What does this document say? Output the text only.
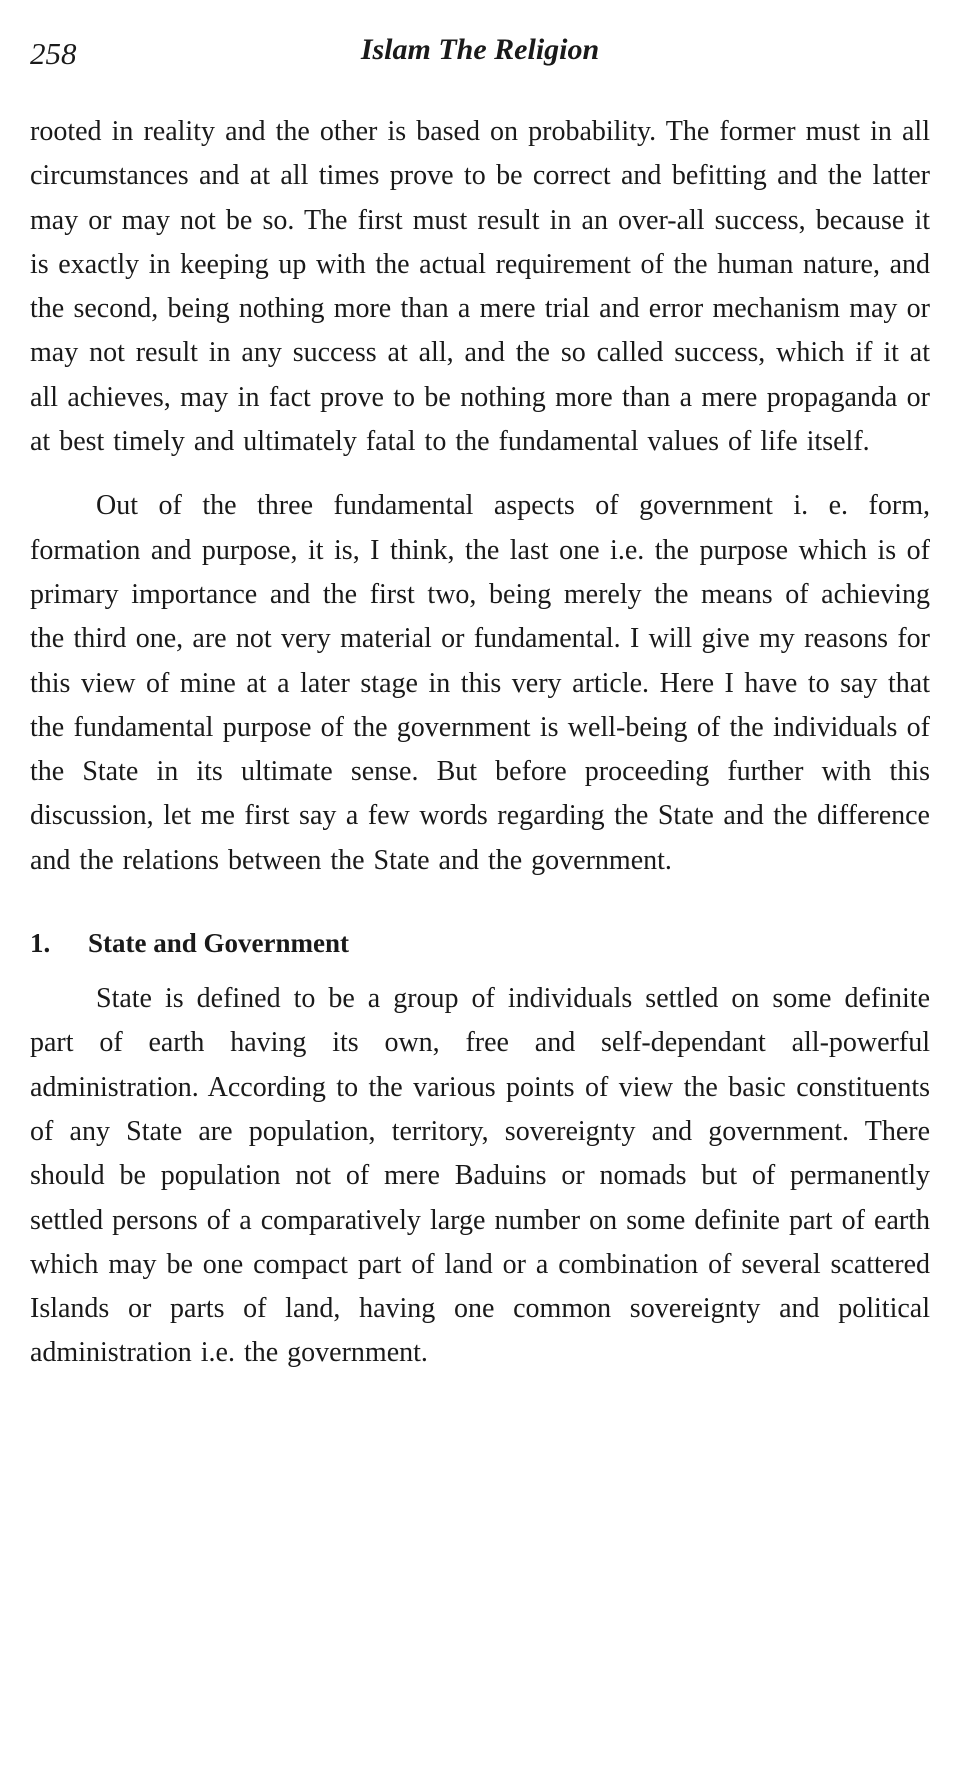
258	Islam The Religion

rooted in reality and the other is based on probability. The former must in all circumstances and at all times prove to be correct and befitting and the latter may or may not be so. The first must result in an over-all success, because it is exactly in keeping up with the actual requirement of the human nature, and the second, being nothing more than a mere trial and error mechanism may or may not result in any success at all, and the so called success, which if it at all achieves, may in fact prove to be nothing more than a mere propaganda or at best timely and ultimately fatal to the fundamental values of life itself.

Out of the three fundamental aspects of government i. e. form, formation and purpose, it is, I think, the last one i.e. the purpose which is of primary importance and the first two, being merely the means of achieving the third one, are not very material or fundamental. I will give my reasons for this view of mine at a later stage in this very article. Here I have to say that the fundamental purpose of the government is well-being of the individuals of the State in its ultimate sense. But before proceeding further with this discussion, let me first say a few words regarding the State and the difference and the relations between the State and the government.

1. State and Government

State is defined to be a group of individuals settled on some definite part of earth having its own, free and self-dependant all-powerful administration. According to the various points of view the basic constituents of any State are population, territory, sovereignty and government. There should be population not of mere Baduins or nomads but of permanently settled persons of a comparatively large number on some definite part of earth which may be one compact part of land or a combination of several scattered Islands or parts of land, having one common sovereignty and political administration i.e. the government.
